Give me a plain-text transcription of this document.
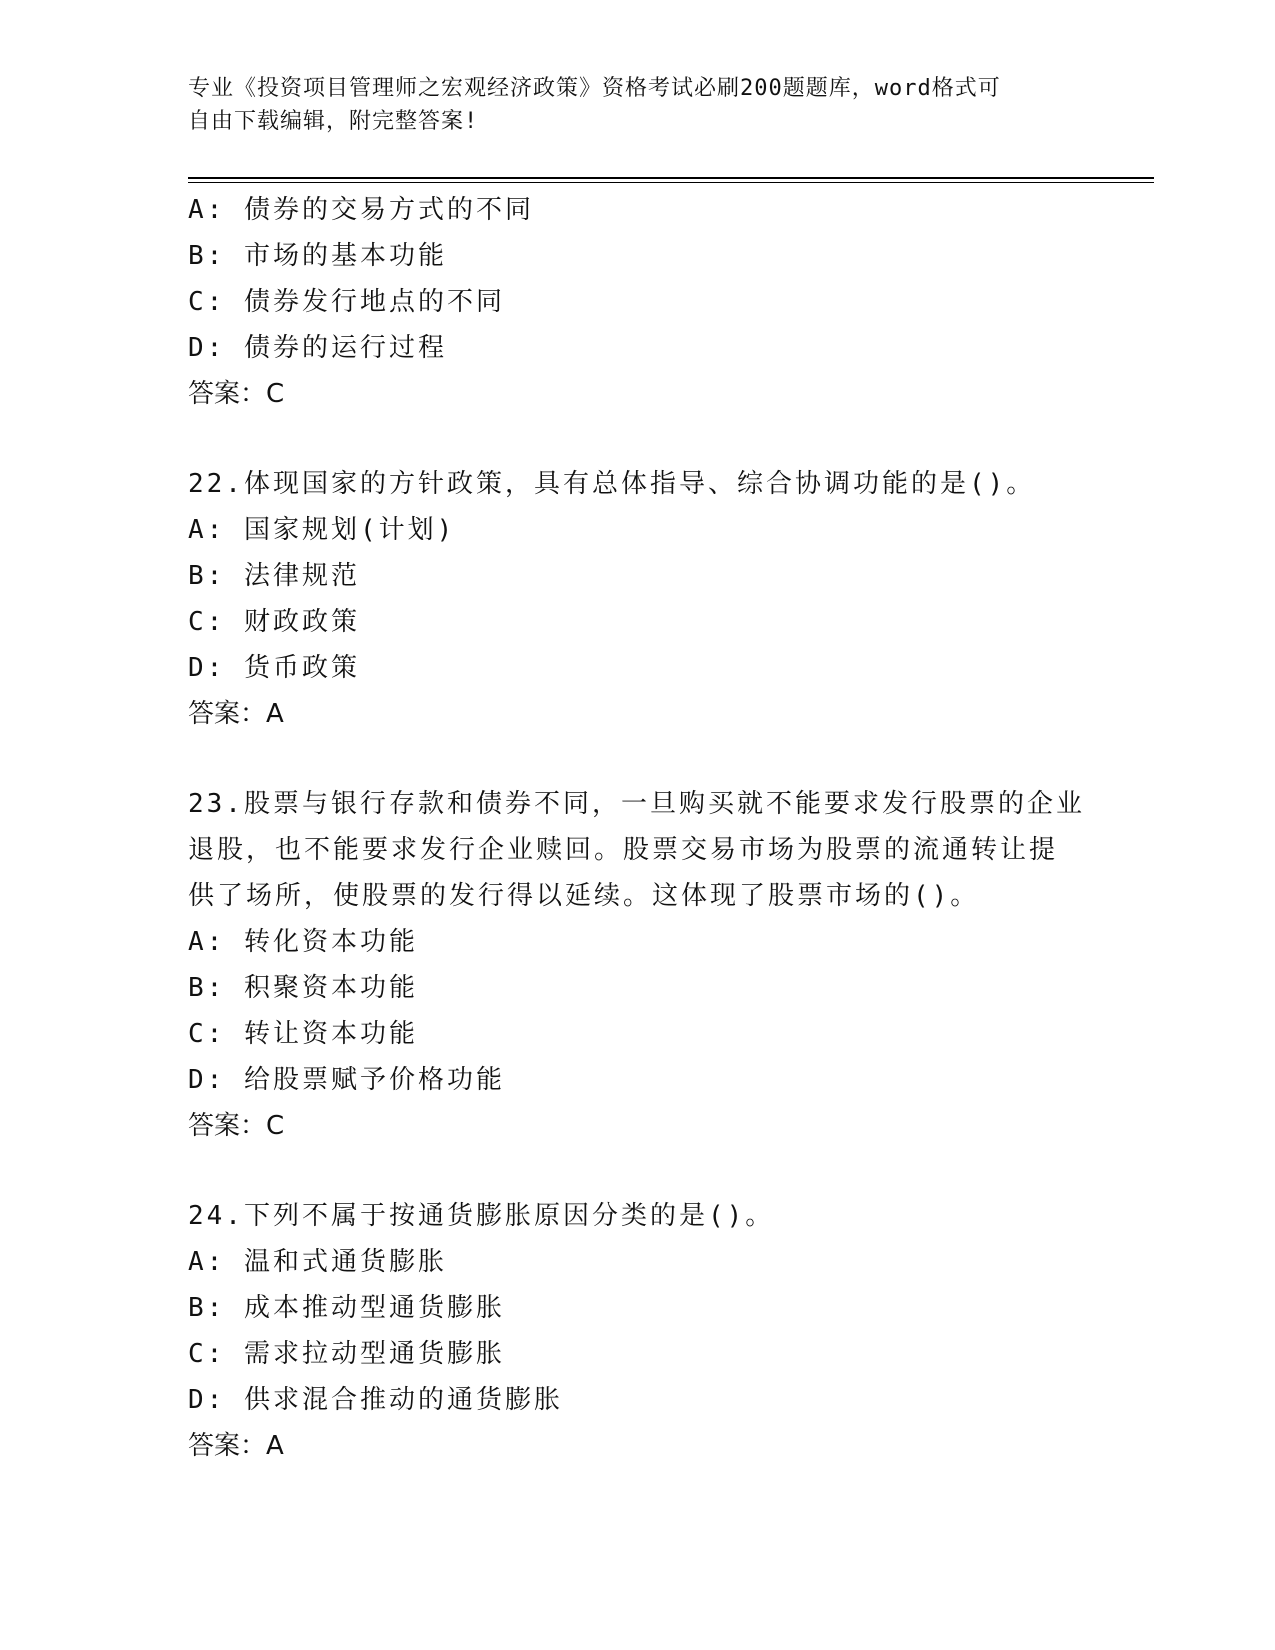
专业《投资项目管理师之宏观经济政策》资格考试必刷200题题库，word格式可
自由下载编辑，附完整答案!
A: 债券的交易方式的不同
B: 市场的基本功能
C: 债券发行地点的不同
D: 债券的运行过程
答案：C
22.体现国家的方针政策，具有总体指导、综合协调功能的是()。
A: 国家规划(计划)
B: 法律规范
C: 财政政策
D: 货币政策
答案：A
23.股票与银行存款和债券不同，一旦购买就不能要求发行股票的企业
退股，也不能要求发行企业赎回。股票交易市场为股票的流通转让提
供了场所，使股票的发行得以延续。这体现了股票市场的()。
A: 转化资本功能
B: 积聚资本功能
C: 转让资本功能
D: 给股票赋予价格功能
答案：C
24.下列不属于按通货膨胀原因分类的是()。
A: 温和式通货膨胀
B: 成本推动型通货膨胀
C: 需求拉动型通货膨胀
D: 供求混合推动的通货膨胀
答案：A
